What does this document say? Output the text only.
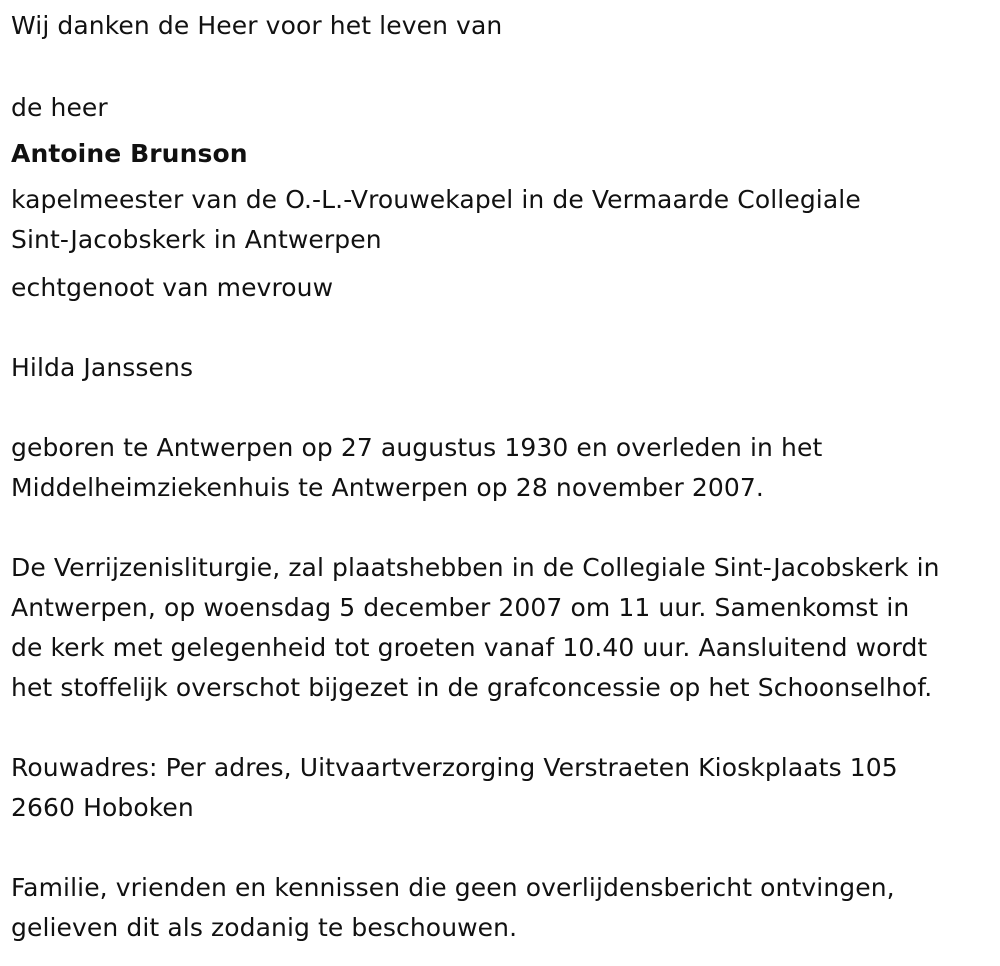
Wij danken de Heer voor het leven van
de heer
Antoine Brunson
kapelmeester van de O.-L.-Vrouwekapel in de Vermaarde Collegiale
Sint-Jacobskerk in Antwerpen
echtgenoot van mevrouw
Hilda Janssens
geboren te Antwerpen op 27 augustus 1930 en overleden in het
Middelheimziekenhuis te Antwerpen op 28 november 2007.
De Verrijzenisliturgie, zal plaatshebben in de Collegiale Sint-Jacobskerk in
Antwerpen, op woensdag 5 december 2007 om 11 uur. Samenkomst in
de kerk met gelegenheid tot groeten vanaf 10.40 uur. Aansluitend wordt
het stoffelijk overschot bijgezet in de grafconcessie op het Schoonselhof.
Rouwadres: Per adres, Uitvaartverzorging Verstraeten Kioskplaats 105
2660 Hoboken
Familie, vrienden en kennissen die geen overlijdensbericht ontvingen,
gelieven dit als zodanig te beschouwen.
